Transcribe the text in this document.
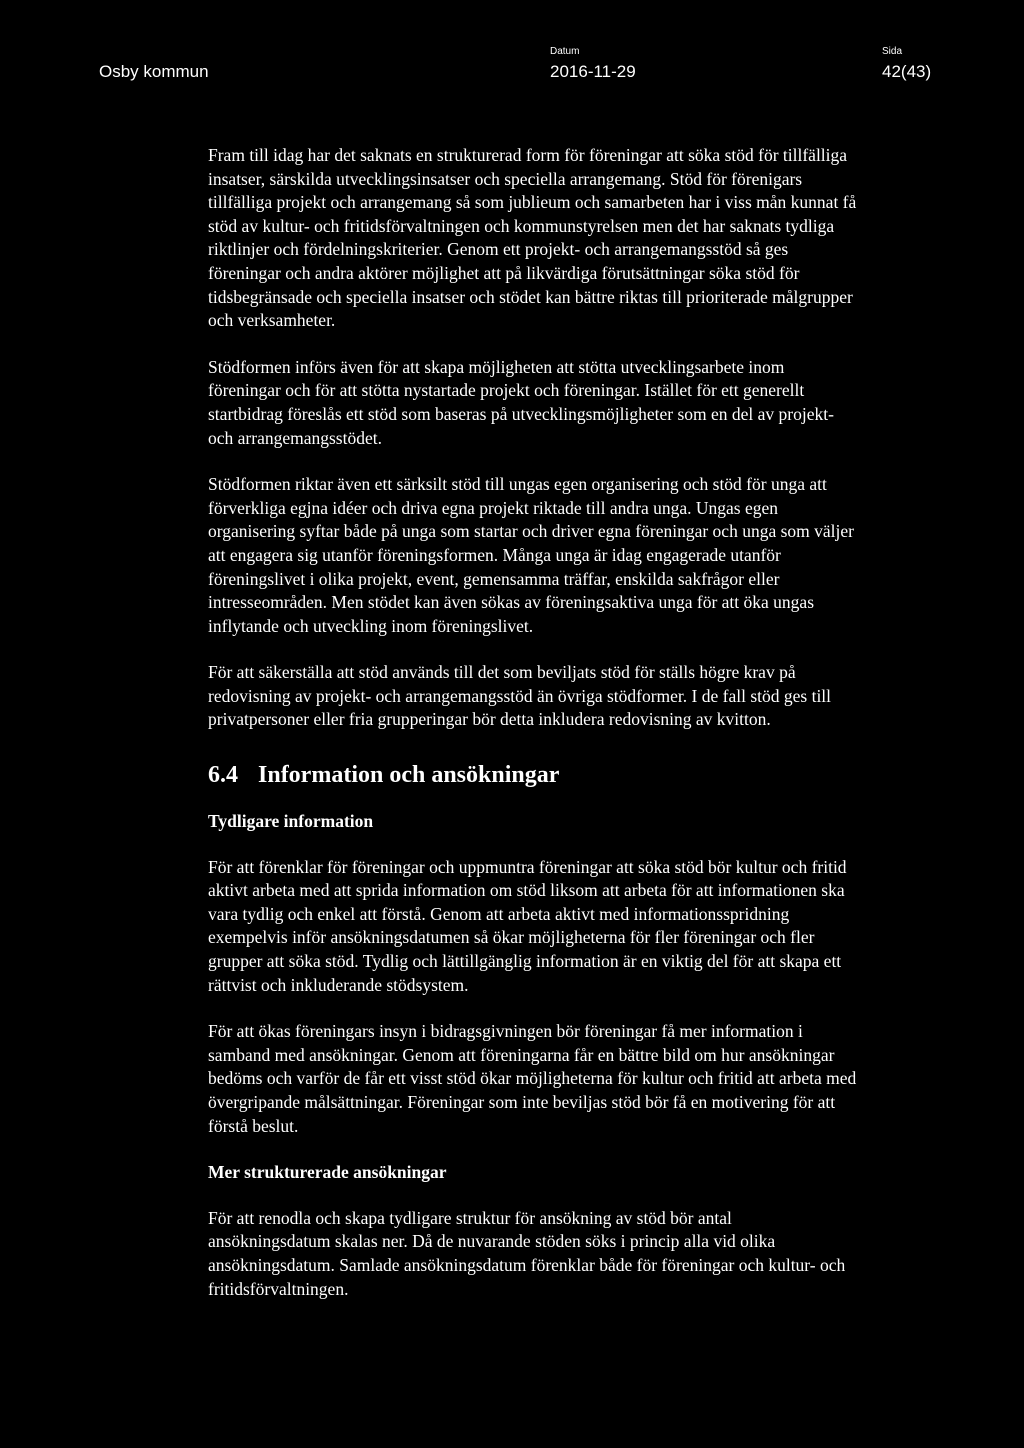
Osby kommun
Datum
2016-11-29
Sida
42(43)

Fram till idag har det saknats en strukturerad form för föreningar att söka stöd för tillfälliga insatser, särskilda utvecklingsinsatser och speciella arrangemang. Stöd för förenigars tillfälliga projekt och arrangemang så som jublieum och samarbeten har i viss mån kunnat få stöd av kultur- och fritidsförvaltningen och kommunstyrelsen men det har saknats tydliga riktlinjer och fördelningskriterier. Genom ett projekt- och arrangemangsstöd så ges föreningar och andra aktörer möjlighet att på likvärdiga förutsättningar söka stöd för tidsbegränsade och speciella insatser och stödet kan bättre riktas till prioriterade målgrupper och verksamheter.

Stödformen införs även för att skapa möjligheten att stötta utvecklingsarbete inom föreningar och för att stötta nystartade projekt och föreningar. Istället för ett generellt startbidrag föreslås ett stöd som baseras på utvecklingsmöjligheter som en del av projekt- och arrangemangsstödet.

Stödformen riktar även ett särksilt stöd till ungas egen organisering och stöd för unga att förverkliga egjna idéer och driva egna projekt riktade till andra unga. Ungas egen organisering syftar både på unga som startar och driver egna föreningar och unga som väljer att engagera sig utanför föreningsformen. Många unga är idag engagerade utanför föreningslivet i olika projekt, event, gemensamma träffar, enskilda sakfrågor eller intresseområden. Men stödet kan även sökas av föreningsaktiva unga för att öka ungas inflytande och utveckling inom föreningslivet.

För att säkerställa att stöd används till det som beviljats stöd för ställs högre krav på redovisning av projekt- och arrangemangsstöd än övriga stödformer. I de fall stöd ges till privatpersoner eller fria grupperingar bör detta inkludera redovisning av kvitton.

6.4 Information och ansökningar
Tydligare information

För att förenklar för föreningar och uppmuntra föreningar att söka stöd bör kultur och fritid aktivt arbeta med att sprida information om stöd liksom att arbeta för att informationen ska vara tydlig och enkel att förstå. Genom att arbeta aktivt med informationsspridning exempelvis inför ansökningsdatumen så ökar möjligheterna för fler föreningar och fler grupper att söka stöd. Tydlig och lättillgänglig information är en viktig del för att skapa ett rättvist och inkluderande stödsystem.

För att ökas föreningars insyn i bidragsgivningen bör föreningar få mer information i samband med ansökningar. Genom att föreningarna får en bättre bild om hur ansökningar bedöms och varför de får ett visst stöd ökar möjligheterna för kultur och fritid att arbeta med övergripande målsättningar. Föreningar som inte beviljas stöd bör få en motivering för att förstå beslut.

Mer strukturerade ansökningar

För att renodla och skapa tydligare struktur för ansökning av stöd bör antal ansökningsdatum skalas ner. Då de nuvarande stöden söks i princip alla vid olika ansökningsdatum. Samlade ansökningsdatum förenklar både för föreningar och kultur- och fritidsförvaltningen.
